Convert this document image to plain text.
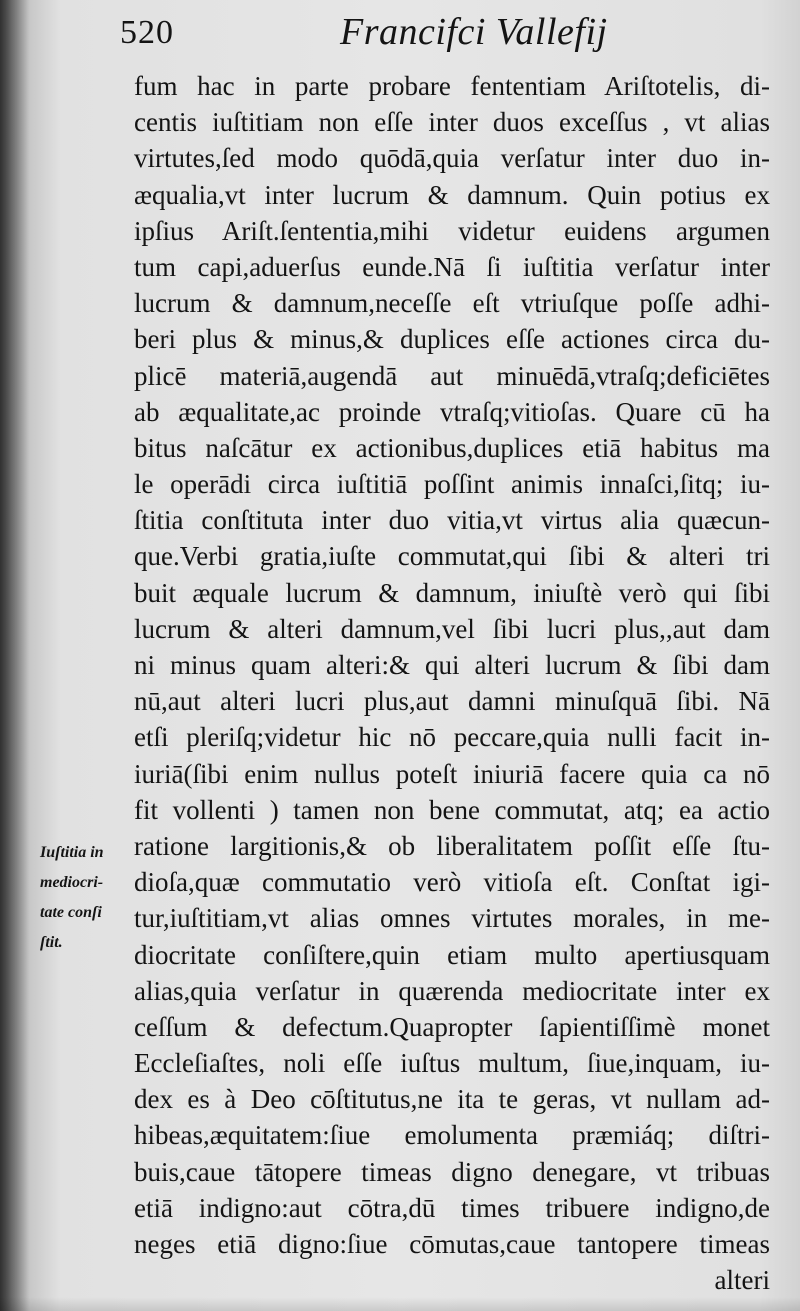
520	Francifci Vallefij
fum hac in parte probare fententiam Ariſtotelis, di-
centis iuſtitiam non eſſe inter duos exceſſus , vt alias
virtutes,ſed modo quōdā,quia verſatur inter duo in-
æqualia,vt inter lucrum & damnum. Quin potius ex
ipſius Ariſt.ſententia,mihi videtur euidens argumen
tum capi,aduerſus eunde.Nā ſi iuſtitia verſatur inter
lucrum & damnum,neceſſe eſt vtriuſque poſſe adhi-
beri plus & minus,& duplices eſſe actiones circa du-
plicē materiā,augendā aut minuēdā,vtraſq;deficiētes
ab æqualitate,ac proinde vtraſq;vitioſas. Quare cū ha
bitus naſcātur ex actionibus,duplices etiā habitus ma
le operādi circa iuſtitiā poſſint animis innaſci,ſitq; iu-
ſtitia conſtituta inter duo vitia,vt virtus alia quæcun-
que.Verbi gratia,iuſte commutat,qui ſibi & alteri tri
buit æquale lucrum & damnum, iniuſtè verò qui ſibi
lucrum & alteri damnum,vel ſibi lucri plus,,aut dam
ni minus quam alteri:& qui alteri lucrum & ſibi dam
nū,aut alteri lucri plus,aut damni minuſquā ſibi. Nā
etſi pleriſq;videtur hic nō peccare,quia nulli facit in-
iuriā(ſibi enim nullus poteſt iniuriā facere quia ca nō
fit vollenti ) tamen non bene commutat, atq; ea actio
ratione largitionis,& ob liberalitatem poſſit eſſe ſtu-
dioſa,quæ commutatio verò vitioſa eſt. Conſtat igi-
tur,iuſtitiam,vt alias omnes virtutes morales, in me-
diocritate conſiſtere,quin etiam multo apertiusquam
alias,quia verſatur in quærenda mediocritate inter ex
ceſſum & defectum.Quapropter ſapientiſſimè monet
Eccleſiaſtes, noli eſſe iuſtus multum, ſiue,inquam, iu-
dex es à Deo cōſtitutus,ne ita te geras, vt nullam ad-
hibeas,æquitatem:ſiue emolumenta præmiáq; diſtri-
buis,caue tātopere timeas digno denegare, vt tribuas
etiā indigno:aut cōtra,dū times tribuere indigno,de
neges etiā digno:ſiue cōmutas,caue tantopere timeas
alteri
Iuſtitia in
mediocri-
tate conſi
ſtit.
